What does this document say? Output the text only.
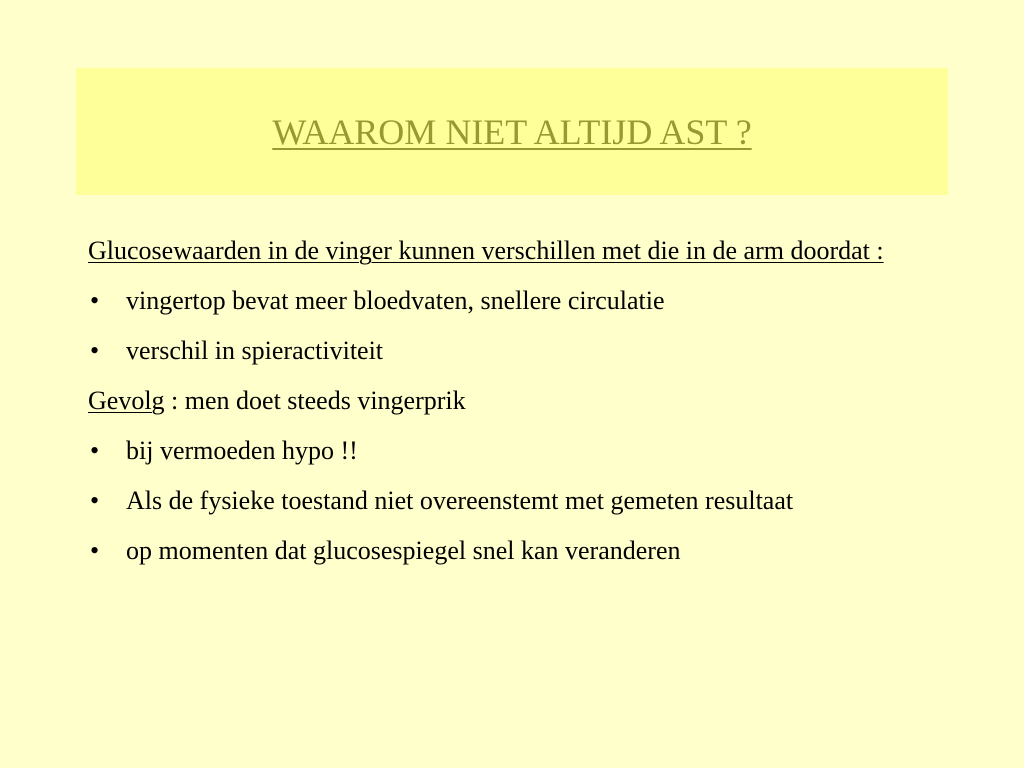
WAAROM NIET ALTIJD AST ?

Glucosewaarden in de vinger kunnen verschillen met die in de arm doordat :

•	vingertop bevat meer bloedvaten, snellere circulatie
•	verschil in spieractiviteit

Gevolg : men doet steeds vingerprik

•	bij vermoeden hypo !!
•	Als de fysieke toestand niet overeenstemt met gemeten resultaat
•	op momenten dat glucosespiegel snel kan veranderen
